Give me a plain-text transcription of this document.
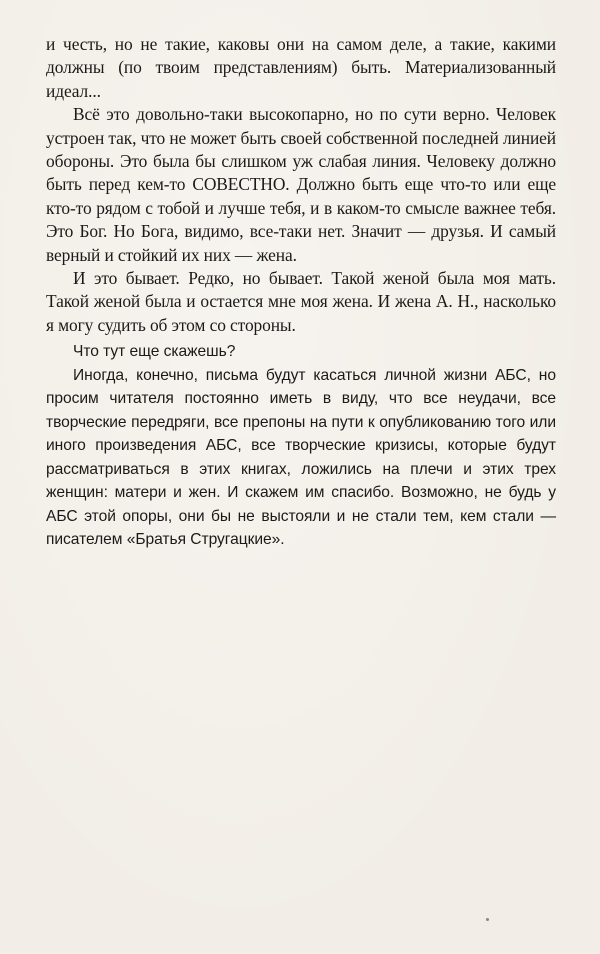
и честь, но не такие, каковы они на самом деле, а такие, какими должны (по твоим представлениям) быть. Материализованный идеал...

Всё это довольно-таки высокопарно, но по сути верно. Человек устроен так, что не может быть своей собственной последней линией обороны. Это была бы слишком уж слабая линия. Человеку должно быть перед кем-то СОВЕСТНО. Должно быть еще что-то или еще кто-то рядом с тобой и лучше тебя, и в каком-то смысле важнее тебя. Это Бог. Но Бога, видимо, все-таки нет. Значит — друзья. И самый верный и стойкий их них — жена.

И это бывает. Редко, но бывает. Такой женой была моя мать. Такой женой была и остается мне моя жена. И жена А. Н., насколько я могу судить об этом со стороны.

Что тут еще скажешь?

Иногда, конечно, письма будут касаться личной жизни АБС, но просим читателя постоянно иметь в виду, что все неудачи, все творческие передряги, все препоны на пути к опубликованию того или иного произведения АБС, все творческие кризисы, которые будут рассматриваться в этих книгах, ложились на плечи и этих трех женщин: матери и жен. И скажем им спасибо. Возможно, не будь у АБС этой опоры, они бы не выстояли и не стали тем, кем стали — писателем «Братья Стругацкие».
